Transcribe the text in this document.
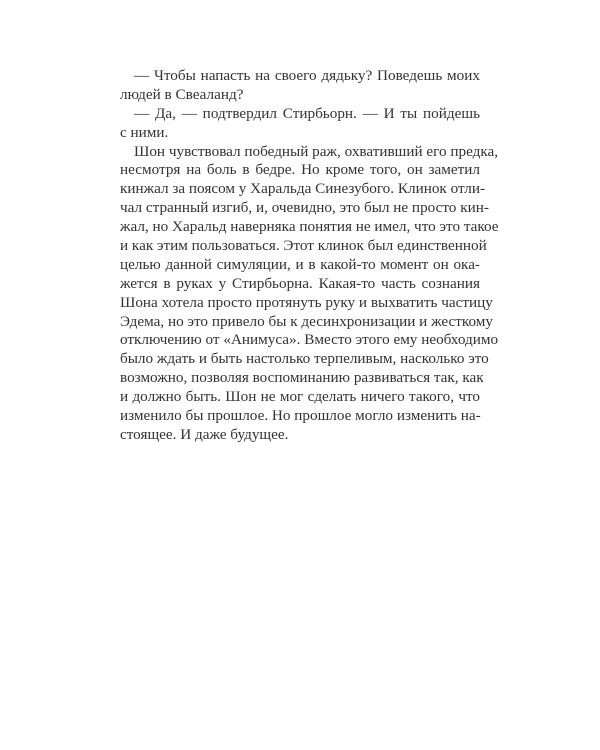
— Чтобы напасть на своего дядьку? Поведешь моих
людей в Свеаланд?
— Да, — подтвердил Стирбьорн. — И ты пойдешь
с ними.
Шон чувствовал победный раж, охвативший его предка,
несмотря на боль в бедре. Но кроме того, он заметил
кинжал за поясом у Харальда Синезубого. Клинок отли-
чал странный изгиб, и, очевидно, это был не просто кин-
жал, но Харальд наверняка понятия не имел, что это такое
и как этим пользоваться. Этот клинок был единственной
целью данной симуляции, и в какой-то момент он ока-
жется в руках у Стирбьорна. Какая-то часть сознания
Шона хотела просто протянуть руку и выхватить частицу
Эдема, но это привело бы к десинхронизации и жесткому
отключению от «Анимуса». Вместо этого ему необходимо
было ждать и быть настолько терпеливым, насколько это
возможно, позволяя воспоминанию развиваться так, как
и должно быть. Шон не мог сделать ничего такого, что
изменило бы прошлое. Но прошлое могло изменить на-
стоящее. И даже будущее.
